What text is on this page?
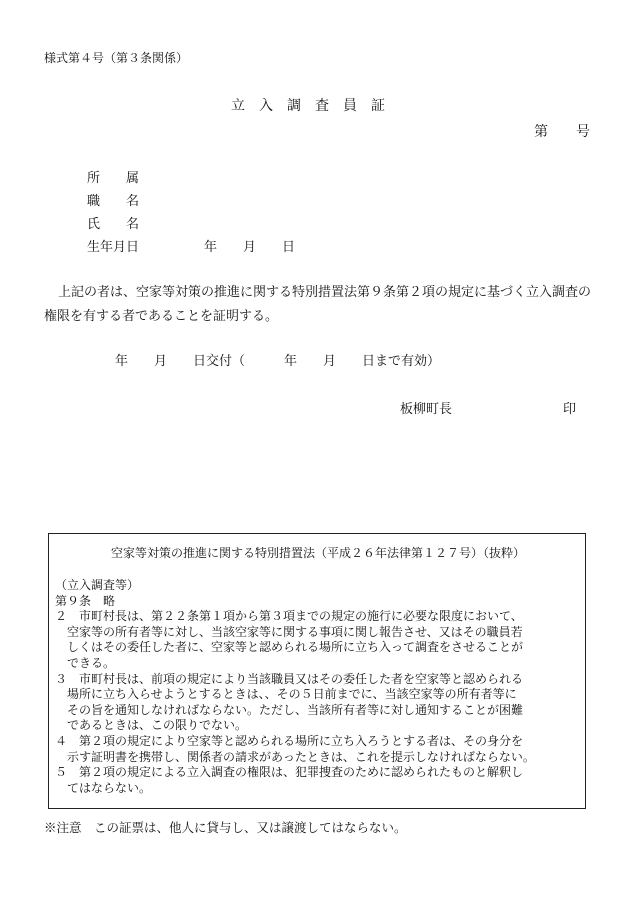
様式第４号（第３条関係）
立入調査員証
第　　号
所　　属
職　　名
氏　　名
生年月日　　　　　年　　月　　日
上記の者は、空家等対策の推進に関する特別措置法第９条第２項の規定に基づく立入調査の権限を有する者であることを証明する。
年　　月　　日交付（　　　年　　月　　日まで有効）
板柳町長	印
空家等対策の推進に関する特別措置法（平成２６年法律第１２７号）（抜粋）
（立入調査等）
第９条　略
２　市町村長は、第２２条第１項から第３項までの規定の施行に必要な限度において、
　空家等の所有者等に対し、当該空家等に関する事項に関し報告させ、又はその職員若
　しくはその委任した者に、空家等と認められる場所に立ち入って調査をさせることが
　できる。
３　市町村長は、前項の規定により当該職員又はその委任した者を空家等と認められる
　場所に立ち入らせようとするときは、、その５日前までに、当該空家等の所有者等に
　その旨を通知しなければならない。ただし、当該所有者等に対し通知することが困難
　であるときは、この限りでない。
４　第２項の規定により空家等と認められる場所に立ち入ろうとする者は、その身分を
　示す証明書を携帯し、関係者の請求があったときは、これを提示しなければならない。
５　第２項の規定による立入調査の権限は、犯罪捜査のために認められたものと解釈し
　てはならない。
※注意　この証票は、他人に貸与し、又は譲渡してはならない。
